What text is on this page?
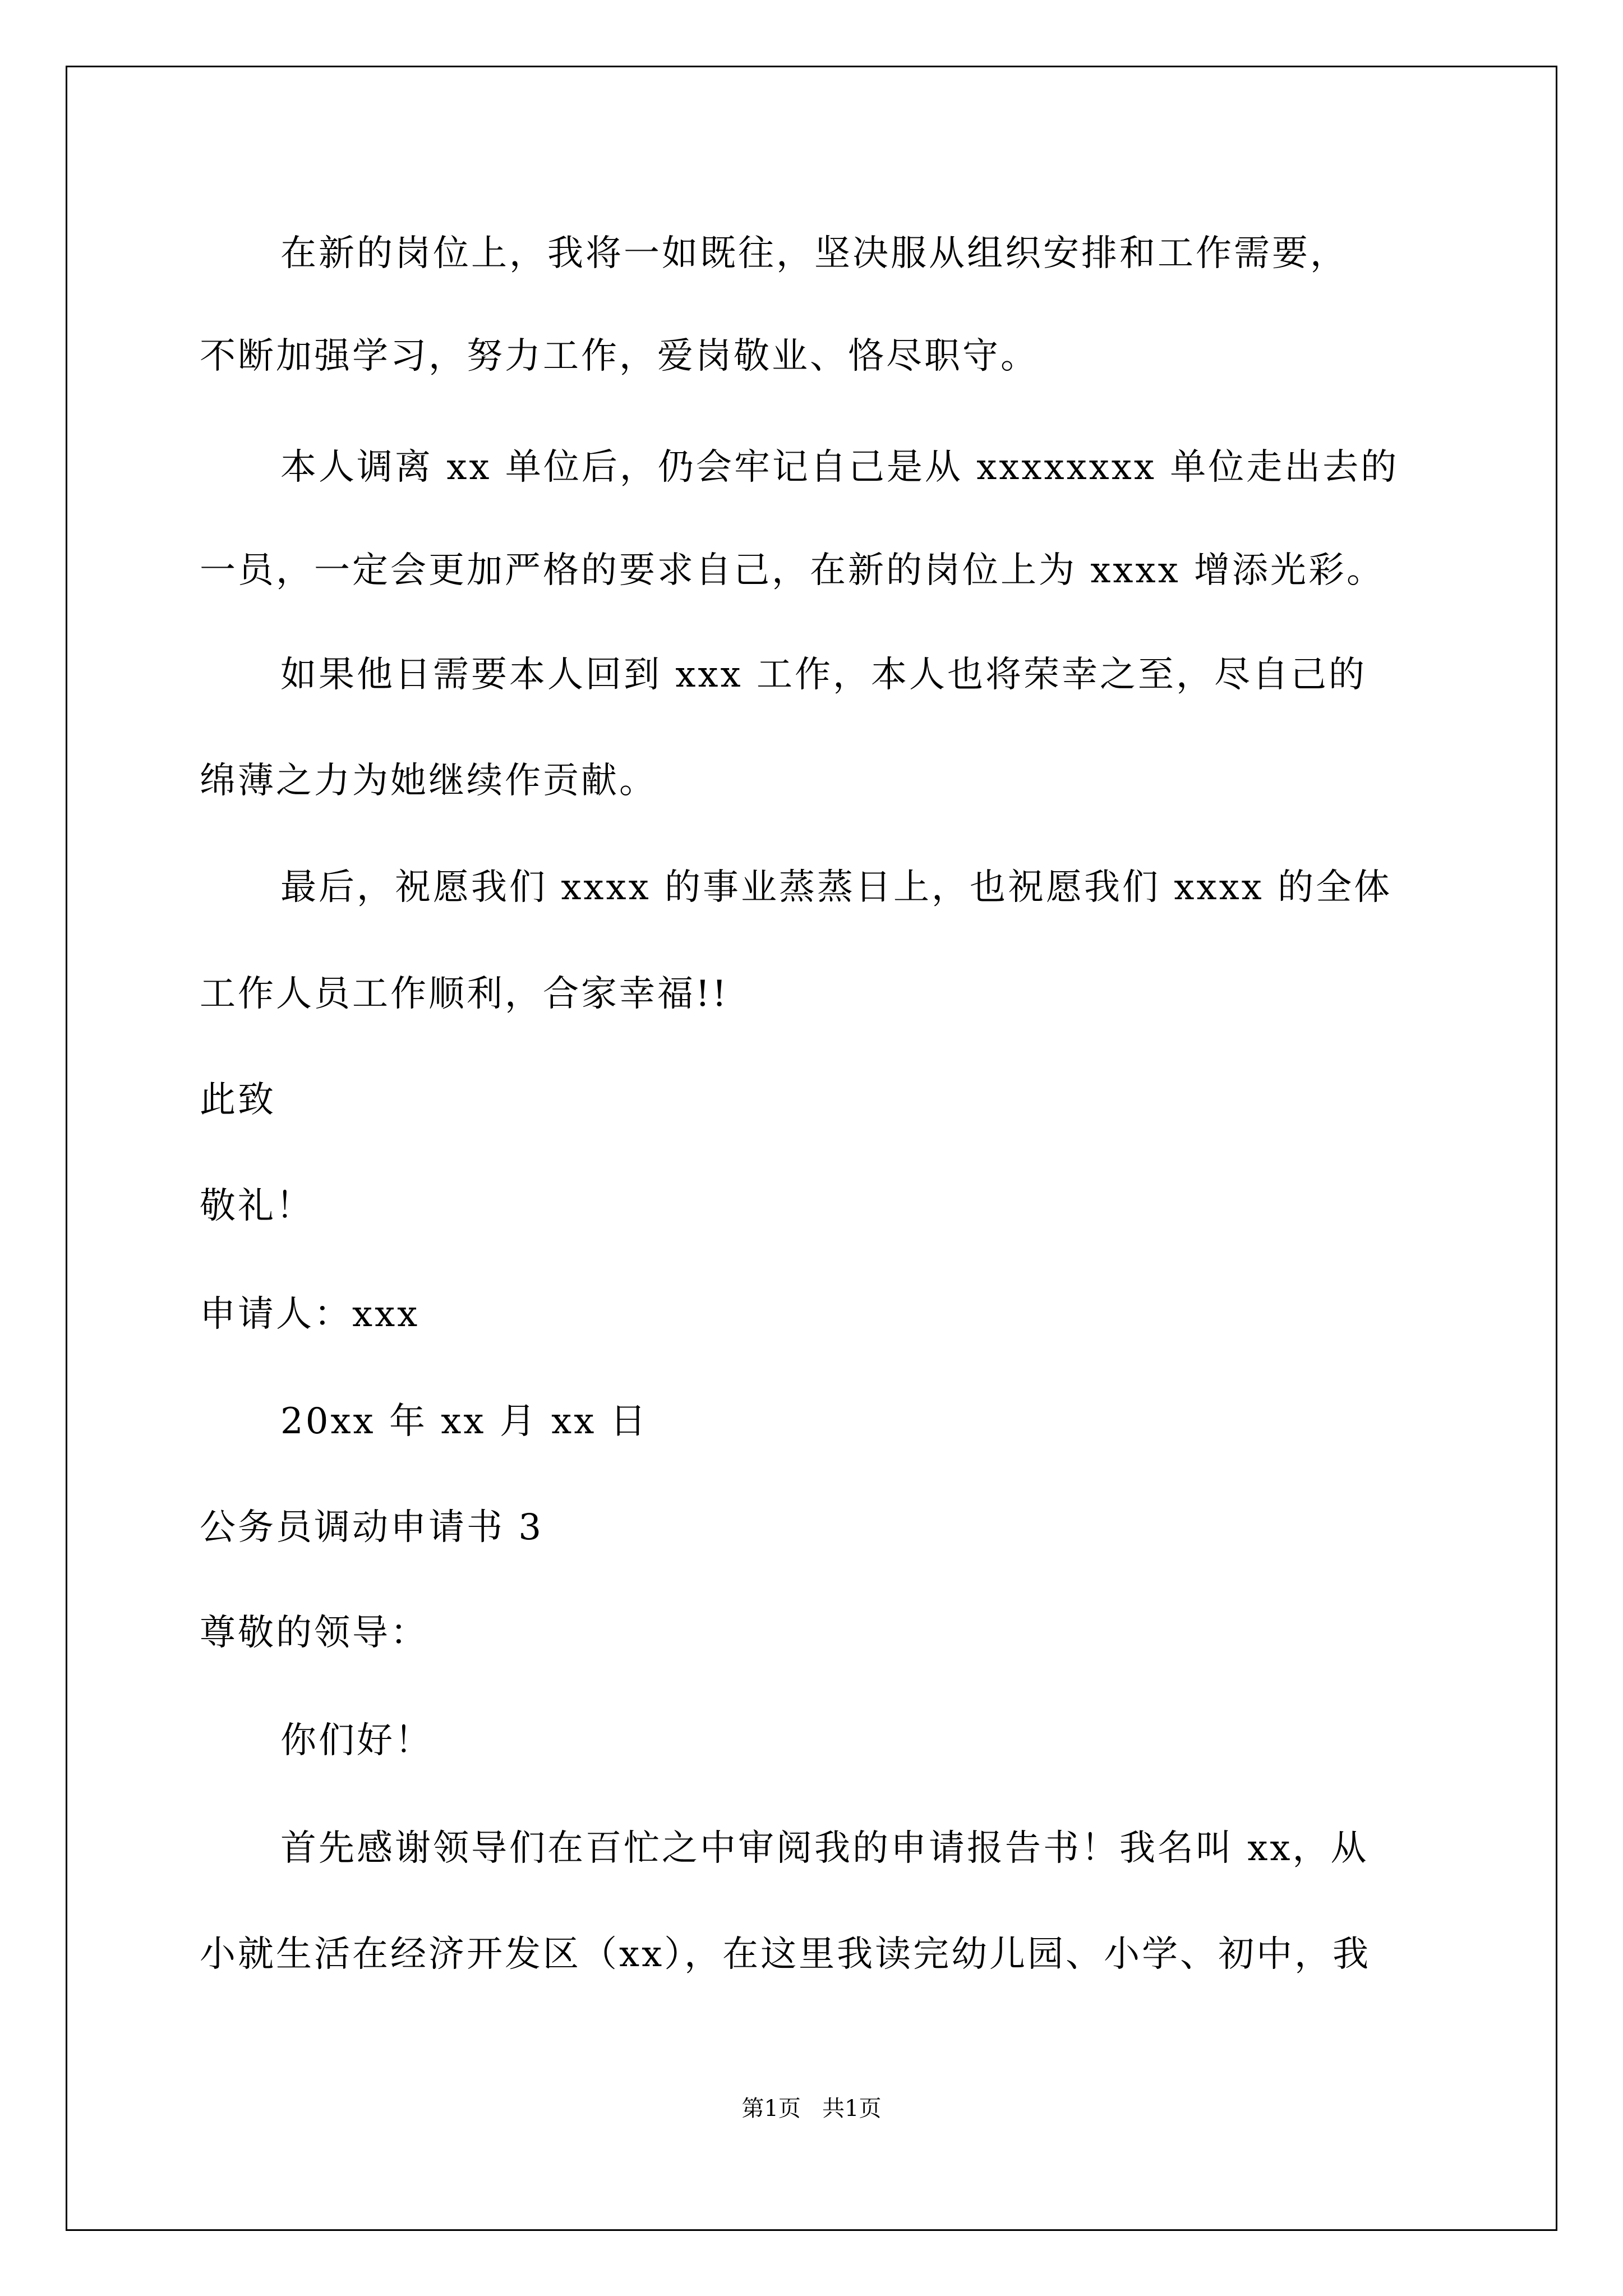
在新的岗位上，我将一如既往，坚决服从组织安排和工作需要，
不断加强学习，努力工作，爱岗敬业、恪尽职守。
本人调离 xx 单位后，仍会牢记自己是从 xxxxxxxx 单位走出去的
一员，一定会更加严格的要求自己，在新的岗位上为 xxxx 增添光彩。
如果他日需要本人回到 xxx 工作，本人也将荣幸之至，尽自己的
绵薄之力为她继续作贡献。
最后，祝愿我们 xxxx 的事业蒸蒸日上，也祝愿我们 xxxx 的全体
工作人员工作顺利，合家幸福!!
此致
敬礼！
申请人：xxx
20xx 年 xx 月 xx 日
公务员调动申请书 3
尊敬的领导：
你们好！
首先感谢领导们在百忙之中审阅我的申请报告书！我名叫 xx，从
小就生活在经济开发区（xx），在这里我读完幼儿园、小学、初中，我
第1页   共1页
